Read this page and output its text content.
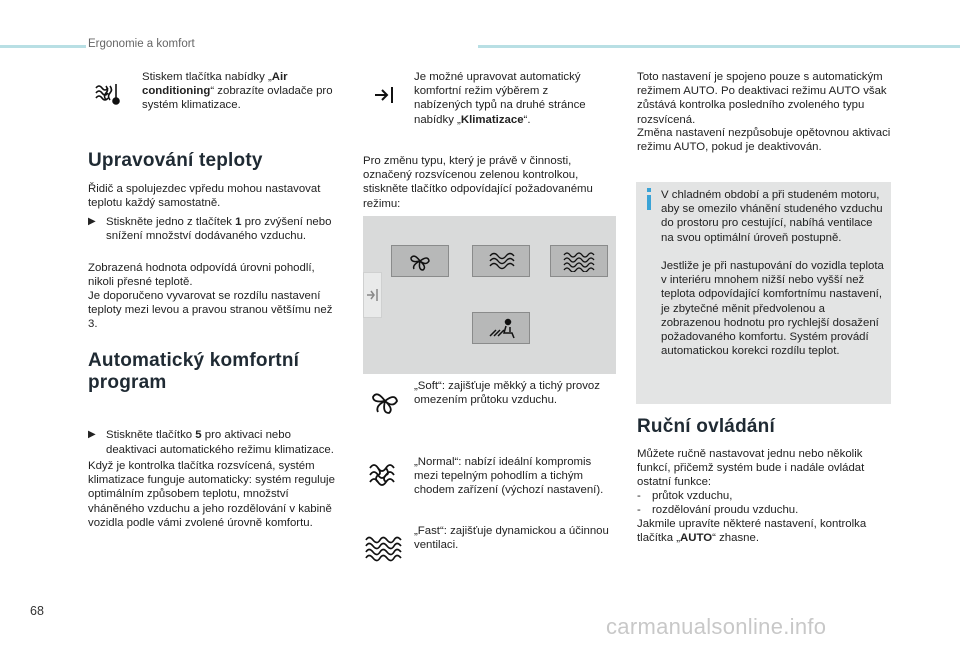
Ergonomie a komfort

Stiskem tlačítka nabídky „Air conditioning“ zobrazíte ovladače pro systém klimatizace.

Upravování teploty

Řidič a spolujezdec vpředu mohou nastavovat teplotu každý samostatně.

▶ Stiskněte jedno z tlačítek 1 pro zvýšení nebo snížení množství dodávaného vzduchu.

Zobrazená hodnota odpovídá úrovni pohodlí, nikoli přesné teplotě.

Je doporučeno vyvarovat se rozdílu nastavení teploty mezi levou a pravou stranou většímu než 3.

Automatický komfortní program
▶ Stiskněte tlačítko 5 pro aktivaci nebo deaktivaci automatického režimu klimatizace.

Když je kontrolka tlačítka rozsvícená, systém klimatizace funguje automaticky: systém reguluje optimálním způsobem teplotu, množství vháněného vzduchu a jeho rozdělování v kabině vozidla podle vámi zvolené úrovně komfortu.

Je možné upravovat automatický komfortní režim výběrem z nabízených typů na druhé stránce nabídky „Klimatizace“.

Pro změnu typu, který je právě v činnosti, označený rozsvícenou zelenou kontrolkou, stiskněte tlačítko odpovídající požadovanému režimu:

„Soft“: zajišťuje měkký a tichý provoz omezením průtoku vzduchu.

„Normal“: nabízí ideální kompromis mezi tepelným pohodlím a tichým chodem zařízení (výchozí nastavení).

„Fast“: zajišťuje dynamickou a účinnou ventilaci.

Toto nastavení je spojeno pouze s automatickým režimem AUTO. Po deaktivaci režimu AUTO však zůstává kontrolka posledního zvoleného typu rozsvícená.

Změna nastavení nezpůsobuje opětovnou aktivaci režimu AUTO, pokud je deaktivován.

V chladném období a při studeném motoru, aby se omezilo vhánění studeného vzduchu do prostoru pro cestující, nabíhá ventilace na svou optimální úroveň postupně.

Jestliže je při nastupování do vozidla teplota v interiéru mnohem nižší nebo vyšší než teplota odpovídající komfortnímu nastavení, je zbytečné měnit předvolenou a zobrazenou hodnotu pro rychlejší dosažení požadovaného komfortu. Systém provádí automatickou korekci rozdílu teplot.

Ruční ovládání

Můžete ručně nastavovat jednu nebo několik funkcí, přičemž systém bude i nadále ovládat ostatní funkce:

- průtok vzduchu,
- rozdělování proudu vzduchu.

Jakmile upravíte některé nastavení, kontrolka tlačítka „AUTO“ zhasne.

68
carmanualsonline.info
